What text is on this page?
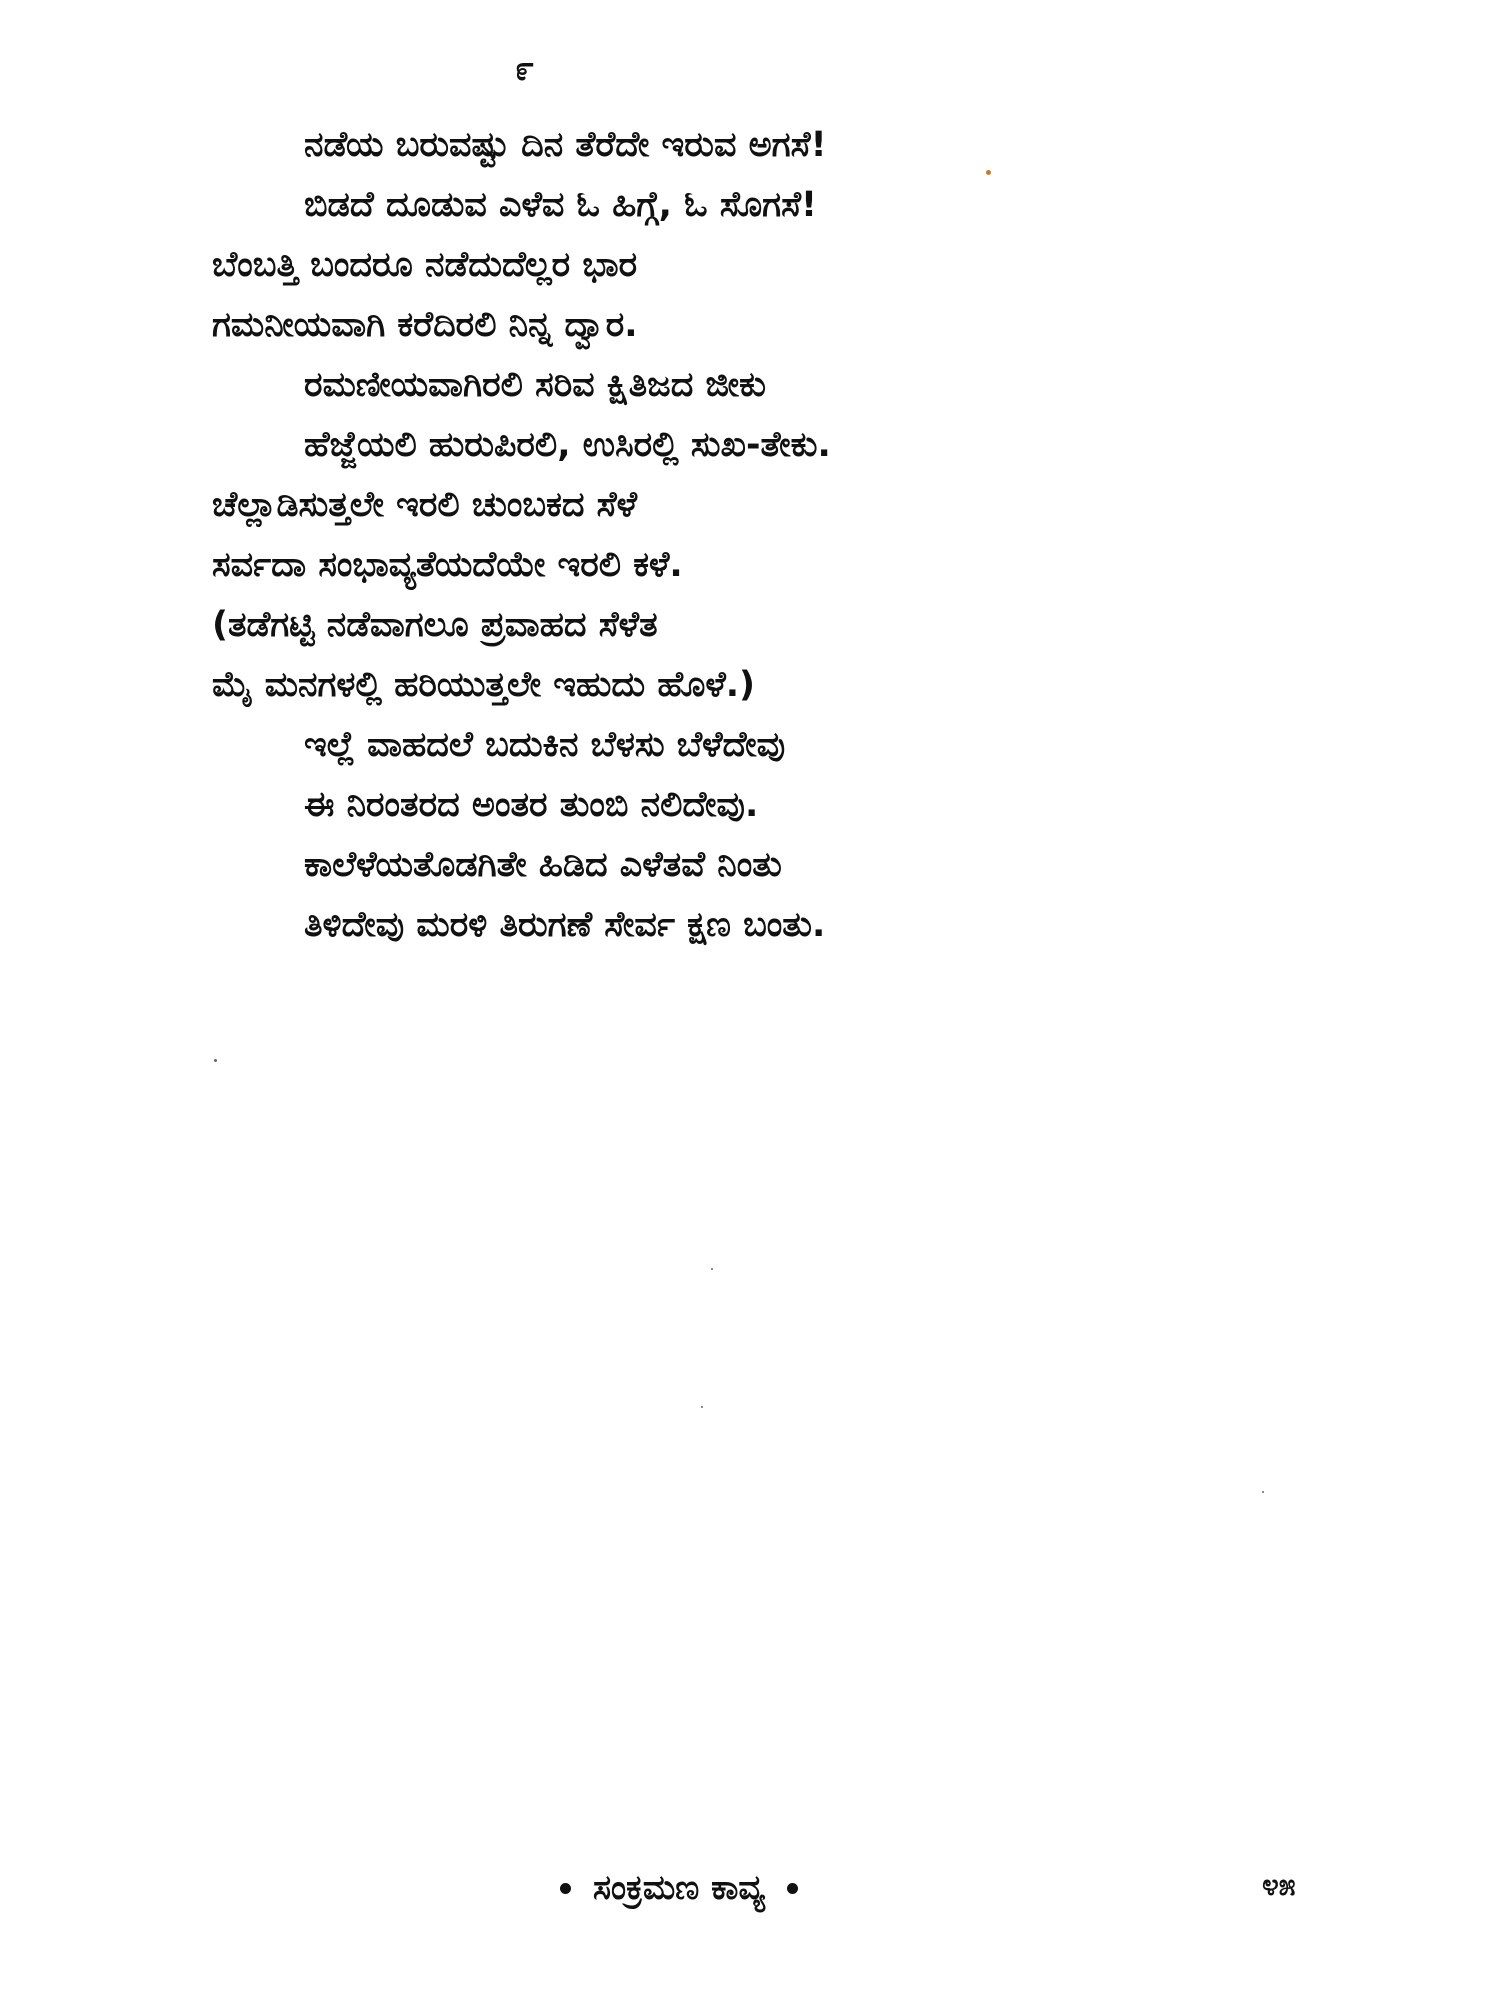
೯
ನಡೆಯ ಬರುವಷ್ಟು ದಿನ ತೆರೆದೇ ಇರುವ ಅಗಸೆ!
ಬಿಡದೆ ದೂಡುವ ಎಳೆವ ಓ ಹಿಗ್ಗೆ, ಓ ಸೊಗಸೆ!
ಬೆಂಬತ್ತಿ ಬಂದರೂ ನಡೆದುದೆಲ್ಲರ ಭಾರ
ಗಮನೀಯವಾಗಿ ಕರೆದಿರಲಿ ನಿನ್ನ ದ್ವಾರ.
ರಮಣೀಯವಾಗಿರಲಿ ಸರಿವ ಕ್ಷಿತಿಜದ ಜೀಕು
ಹೆಜ್ಜೆಯಲಿ ಹುರುಪಿರಲಿ, ಉಸಿರಲ್ಲಿ ಸುಖ-ತೇಕು.
ಚೆಲ್ಲಾಡಿಸುತ್ತಲೇ ಇರಲಿ ಚುಂಬಕದ ಸೆಳೆ
ಸರ್ವದಾ ಸಂಭಾವ್ಯತೆಯದೆಯೇ ಇರಲಿ ಕಳೆ.
(ತಡೆಗಟ್ಟಿ ನಡೆವಾಗಲೂ ಪ್ರವಾಹದ ಸೆಳೆತ
ಮೈ ಮನಗಳಲ್ಲಿ ಹರಿಯುತ್ತಲೇ ಇಹುದು ಹೊಳೆ.)
ಇಲ್ಲೆ ವಾಹದಲೆ ಬದುಕಿನ ಬೆಳಸು ಬೆಳೆದೇವು
ಈ ನಿರಂತರದ ಅಂತರ ತುಂಬಿ ನಲಿದೇವು.
ಕಾಲೆಳೆಯತೊಡಗಿತೇ ಹಿಡಿದ ಎಳೆತವೆ ನಿಂತು
ತಿಳಿದೇವು ಮರಳಿ ತಿರುಗಣೆ ಸೇರ್ವ ಕ್ಷಣ ಬಂತು.
ಸಂಕ್ರಮಣ ಕಾವ್ಯ	೪೫
